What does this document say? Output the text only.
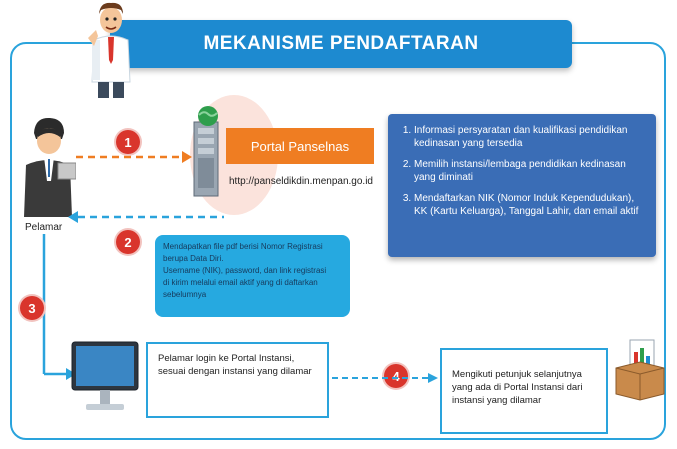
MEKANISME PENDAFTARAN
Pelamar
Portal Panselnas
http://panseldikdin.menpan.go.id
1
2
3
4
1. Informasi persyaratan dan kualifikasi pendidikan kedinasan yang tersedia
2. Memilih instansi/lembaga pendidikan kedinasan yang diminati
3. Mendaftarkan NIK (Nomor Induk Kependudukan), KK (Kartu Keluarga), Tanggal Lahir, dan email aktif
Mendapatkan file pdf berisi Nomor Registrasi
berupa Data Diri.
Username (NIK), password, dan link registrasi
di kirim melalui email aktif yang di daftarkan
sebelumnya
Pelamar login ke Portal Instansi, sesuai dengan instansi yang dilamar	Mengikuti petunjuk selanjutnya yang ada di Portal Instansi dari instansi yang dilamar
